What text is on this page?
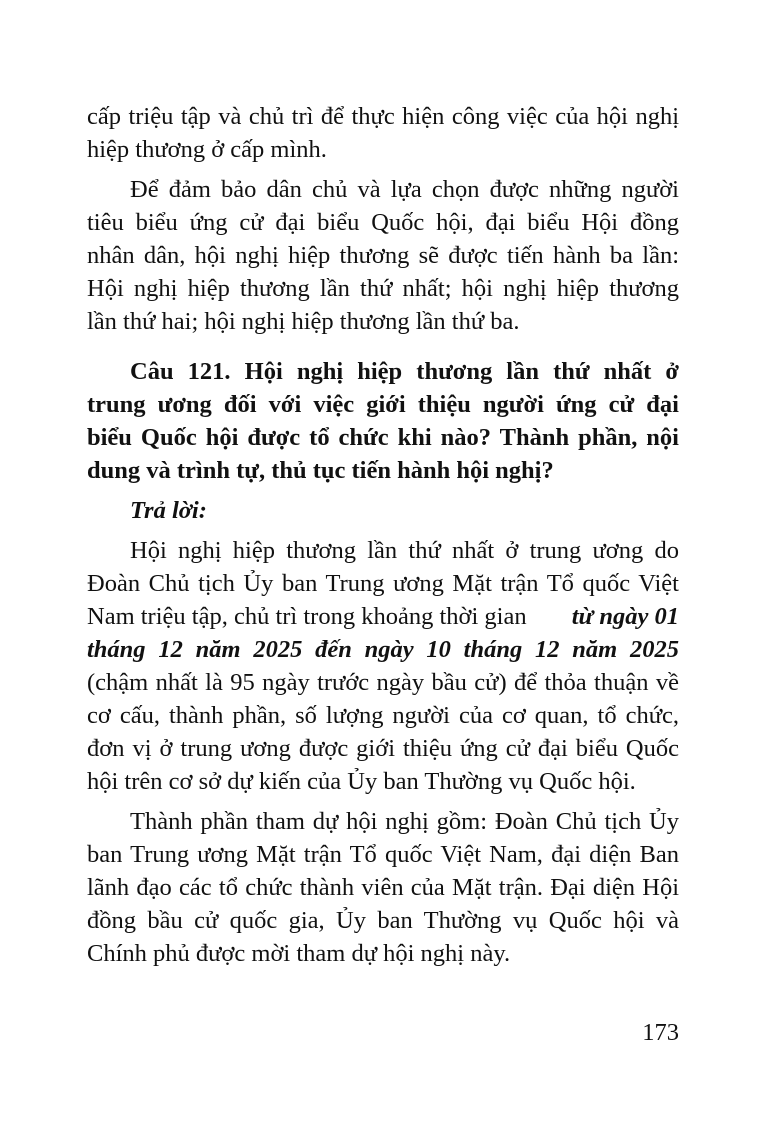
cấp triệu tập và chủ trì để thực hiện công việc của hội nghị
hiệp thương ở cấp mình.
Để đảm bảo dân chủ và lựa chọn được những người
tiêu biểu ứng cử đại biểu Quốc hội, đại biểu Hội đồng
nhân dân, hội nghị hiệp thương sẽ được tiến hành ba lần:
Hội nghị hiệp thương lần thứ nhất; hội nghị hiệp thương
lần thứ hai; hội nghị hiệp thương lần thứ ba.
Câu 121. Hội nghị hiệp thương lần thứ nhất ở
trung ương đối với việc giới thiệu người ứng cử đại
biểu Quốc hội được tổ chức khi nào? Thành phần, nội
dung và trình tự, thủ tục tiến hành hội nghị?
Trả lời:
Hội nghị hiệp thương lần thứ nhất ở trung ương do
Đoàn Chủ tịch Ủy ban Trung ương Mặt trận Tổ quốc Việt
Nam triệu tập, chủ trì trong khoảng thời gian từ ngày 01
tháng 12 năm 2025 đến ngày 10 tháng 12 năm 2025
(chậm nhất là 95 ngày trước ngày bầu cử) để thỏa thuận về
cơ cấu, thành phần, số lượng người của cơ quan, tổ chức,
đơn vị ở trung ương được giới thiệu ứng cử đại biểu Quốc
hội trên cơ sở dự kiến của Ủy ban Thường vụ Quốc hội.
Thành phần tham dự hội nghị gồm: Đoàn Chủ tịch Ủy
ban Trung ương Mặt trận Tổ quốc Việt Nam, đại diện Ban
lãnh đạo các tổ chức thành viên của Mặt trận. Đại diện Hội
đồng bầu cử quốc gia, Ủy ban Thường vụ Quốc hội và
Chính phủ được mời tham dự hội nghị này.
173
